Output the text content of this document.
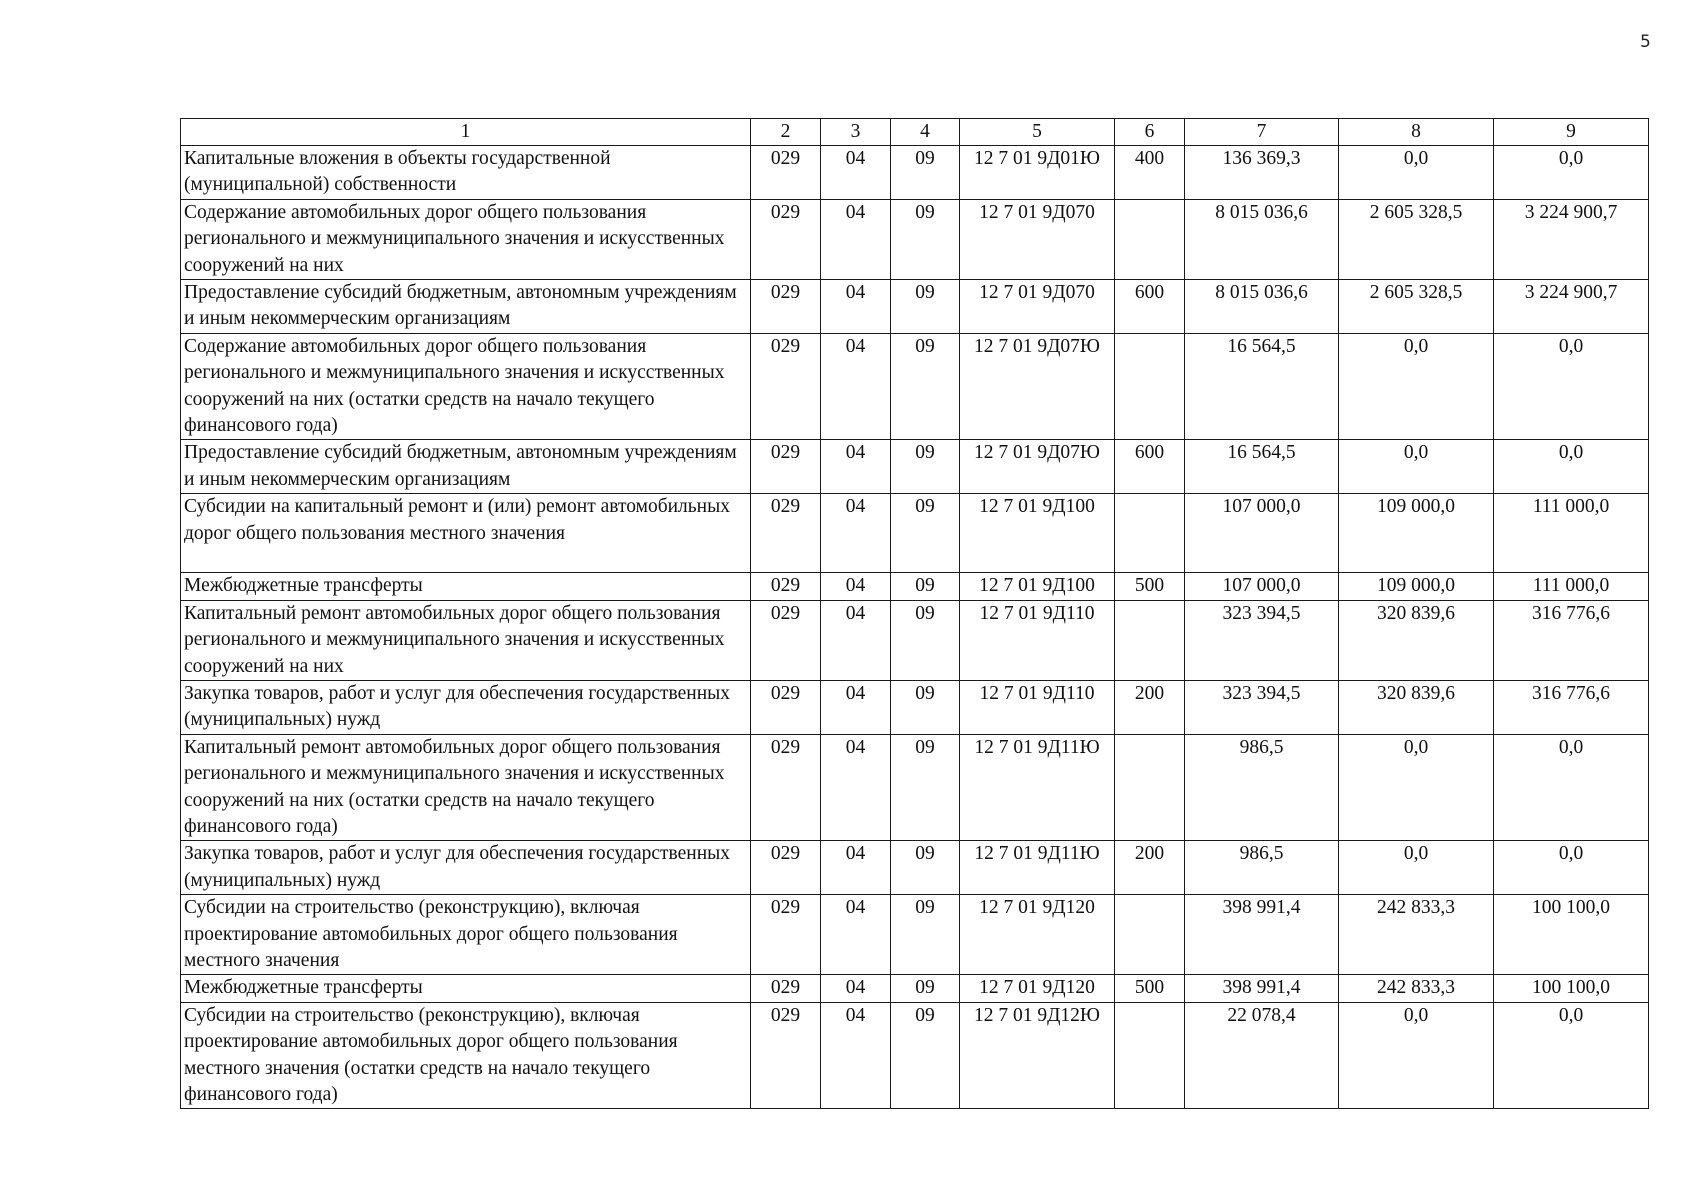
5
1	2	3	4	5	6	7	8	9
Капитальные вложения в объекты государственной (муниципальной) собственности	029	04	09	12 7 01 9Д01Ю	400	136 369,3	0,0	0,0
Содержание автомобильных дорог общего пользования регионального и межмуниципального значения и искусственных сооружений на них	029	04	09	12 7 01 9Д070		8 015 036,6	2 605 328,5	3 224 900,7
Предоставление субсидий бюджетным, автономным учреждениям и иным некоммерческим организациям	029	04	09	12 7 01 9Д070	600	8 015 036,6	2 605 328,5	3 224 900,7
Содержание автомобильных дорог общего пользования регионального и межмуниципального значения и искусственных сооружений на них (остатки средств на начало текущего финансового года)	029	04	09	12 7 01 9Д07Ю		16 564,5	0,0	0,0
Предоставление субсидий бюджетным, автономным учреждениям и иным некоммерческим организациям	029	04	09	12 7 01 9Д07Ю	600	16 564,5	0,0	0,0
Субсидии на капитальный ремонт и (или) ремонт автомобильных дорог общего пользования местного значения	029	04	09	12 7 01 9Д100		107 000,0	109 000,0	111 000,0
Межбюджетные трансферты	029	04	09	12 7 01 9Д100	500	107 000,0	109 000,0	111 000,0
Капитальный ремонт автомобильных дорог общего пользования регионального и межмуниципального значения и искусственных сооружений на них	029	04	09	12 7 01 9Д110		323 394,5	320 839,6	316 776,6
Закупка товаров, работ и услуг для обеспечения государственных (муниципальных) нужд	029	04	09	12 7 01 9Д110	200	323 394,5	320 839,6	316 776,6
Капитальный ремонт автомобильных дорог общего пользования регионального и межмуниципального значения и искусственных сооружений на них (остатки средств на начало текущего финансового года)	029	04	09	12 7 01 9Д11Ю		986,5	0,0	0,0
Закупка товаров, работ и услуг для обеспечения государственных (муниципальных) нужд	029	04	09	12 7 01 9Д11Ю	200	986,5	0,0	0,0
Субсидии на строительство (реконструкцию), включая проектирование автомобильных дорог общего пользования местного значения	029	04	09	12 7 01 9Д120		398 991,4	242 833,3	100 100,0
Межбюджетные трансферты	029	04	09	12 7 01 9Д120	500	398 991,4	242 833,3	100 100,0
Субсидии на строительство (реконструкцию), включая проектирование автомобильных дорог общего пользования местного значения (остатки средств на начало текущего финансового года)	029	04	09	12 7 01 9Д12Ю		22 078,4	0,0	0,0
